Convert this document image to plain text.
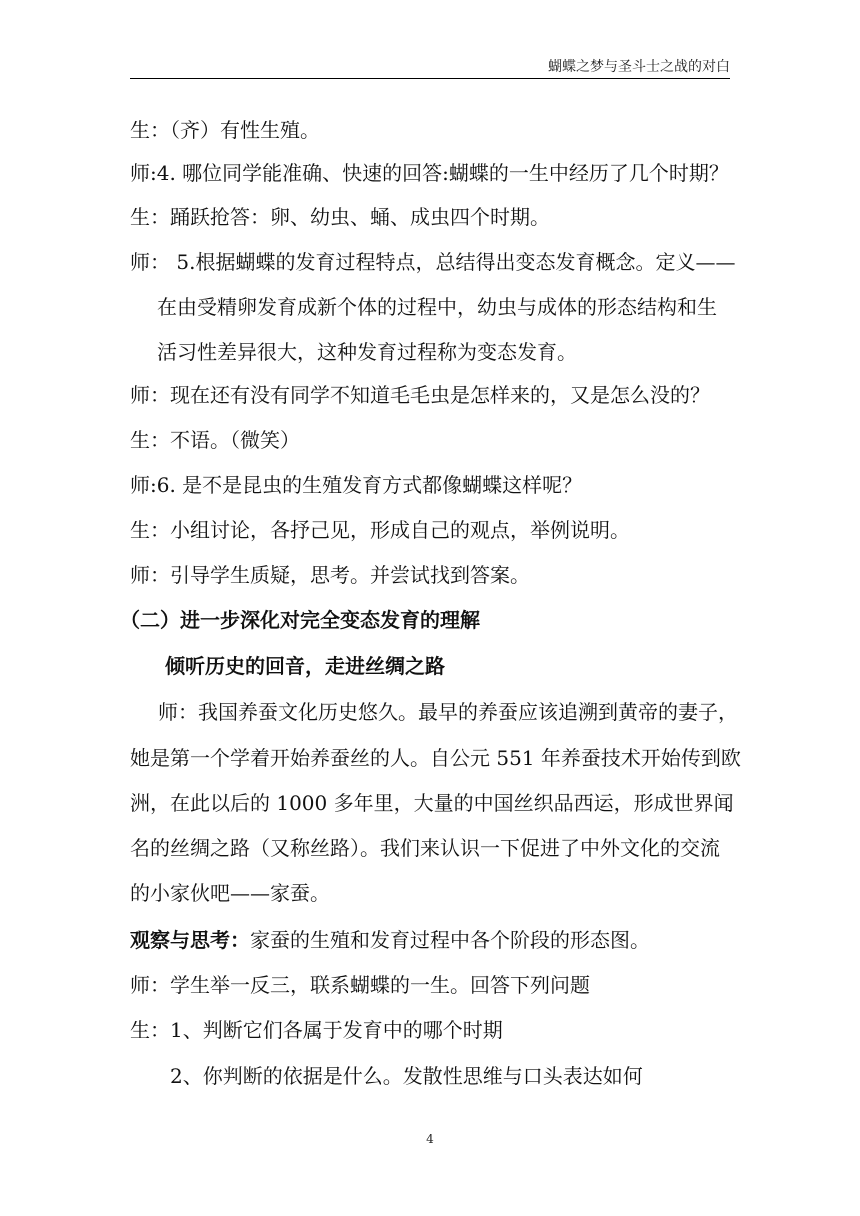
蝴蝶之梦与圣斗士之战的对白
生：（齐）有性生殖。
师:4. 哪位同学能准确、快速的回答:蝴蝶的一生中经历了几个时期？
生：踊跃抢答：卵、幼虫、蛹、成虫四个时期。
师： 5.根据蝴蝶的发育过程特点，总结得出变态发育概念。定义——
在由受精卵发育成新个体的过程中，幼虫与成体的形态结构和生
活习性差异很大，这种发育过程称为变态发育。
师：现在还有没有同学不知道毛毛虫是怎样来的，又是怎么没的？
生：不语。（微笑）
师:6. 是不是昆虫的生殖发育方式都像蝴蝶这样呢？
生：小组讨论，各抒己见，形成自己的观点，举例说明。
师：引导学生质疑，思考。并尝试找到答案。
（二）进一步深化对完全变态发育的理解
倾听历史的回音，走进丝绸之路
师：我国养蚕文化历史悠久。最早的养蚕应该追溯到黄帝的妻子，
她是第一个学着开始养蚕丝的人。自公元 551 年养蚕技术开始传到欧
洲，在此以后的 1000 多年里，大量的中国丝织品西运，形成世界闻
名的丝绸之路（又称丝路）。我们来认识一下促进了中外文化的交流
的小家伙吧——家蚕。
观察与思考：家蚕的生殖和发育过程中各个阶段的形态图。
师：学生举一反三，联系蝴蝶的一生。回答下列问题
生：1、判断它们各属于发育中的哪个时期
2、你判断的依据是什么。发散性思维与口头表达如何
4
